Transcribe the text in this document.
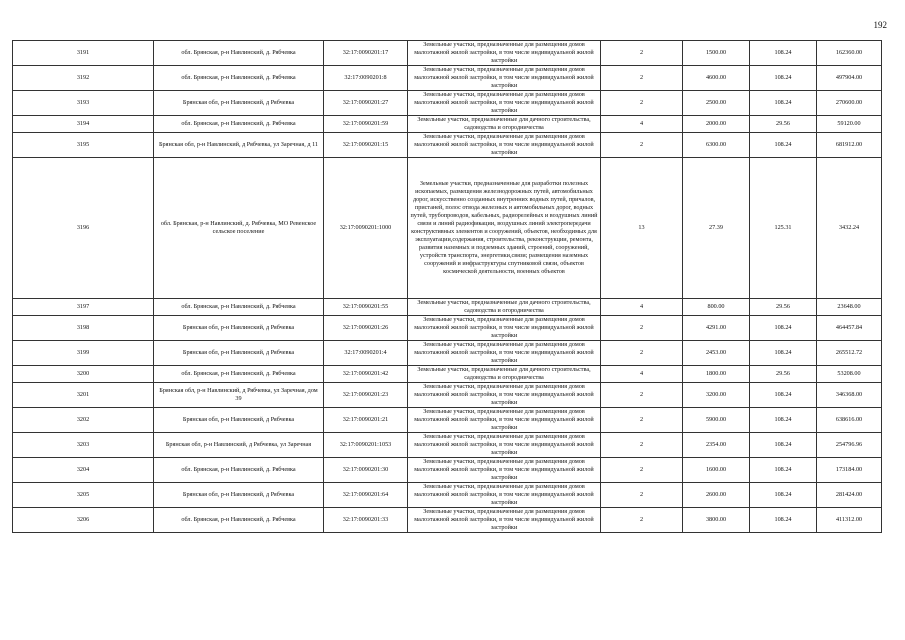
192
3191	обл. Брянская, р-н Навлинский, д. Рябчевка	32:17:0090201:17	Земельные участки, предназначенные для размещения домов малоэтажной жилой застройки, в том числе индивидуальной жилой застройки	2	1500.00	108.24	162360.00
3192	обл. Брянская, р-н Навлинский, д. Рябчевка	32:17:0090201:8	Земельные участки, предназначенные для размещения домов малоэтажной жилой застройки, в том числе индивидуальной жилой застройки	2	4600.00	108.24	497904.00
3193	Брянская обл, р-н Навлинский, д Рябчевка	32:17:0090201:27	Земельные участки, предназначенные для размещения домов малоэтажной жилой застройки, в том числе индивидуальной жилой застройки	2	2500.00	108.24	270600.00
3194	обл. Брянская, р-н Навлинский, д. Рябчевка	32:17:0090201:59	Земельные участки, предназначенные для дачного строительства, садоводства и огородничества	4	2000.00	29.56	59120.00
3195	Брянская обл, р-н Навлинский, д Рябчевка, ул Заречная, д 11	32:17:0090201:15	Земельные участки, предназначенные для размещения домов малоэтажной жилой застройки, в том числе индивидуальной жилой застройки	2	6300.00	108.24	681912.00
3196	обл. Брянская, р-н Навлинский, д. Рябчевка, МО Ревенское сельское поселение	32:17:0090201:1000	Земельные участки, предназначенные для разработки полезных ископаемых, размещения железнодорожных путей, автомобильных дорог, искусственно созданных внутренних водных путей, причалов, пристаней, полос отвода железных и автомобильных дорог, водных путей, трубопроводов, кабельных, радиорелейных и воздушных линий связи и линий радиофикации, воздушных линий электропередачи конструктивных элементов и сооружений, объектов, необходимых для эксплуатации,содержания, строительства, реконструкции, ремонта, развития наземных и подземных зданий, строений, сооружений, устройств транспорта, энергетики,связи; размещения наземных сооружений и инфраструктуры спутниковой связи, объектов космической деятельности, военных объектов	13	27.39	125.31	3432.24
3197	обл. Брянская, р-н Навлинский, д. Рябчевка	32:17:0090201:55	Земельные участки, предназначенные для дачного строительства, садоводства и огородничества	4	800.00	29.56	23648.00
3198	Брянская обл, р-н Навлинский, д Рябчевка	32:17:0090201:26	Земельные участки, предназначенные для размещения домов малоэтажной жилой застройки, в том числе индивидуальной жилой застройки	2	4291.00	108.24	464457.84
3199	Брянская обл, р-н Навлинский, д Рябчевка	32:17:0090201:4	Земельные участки, предназначенные для размещения домов малоэтажной жилой застройки, в том числе индивидуальной жилой застройки	2	2453.00	108.24	265512.72
3200	обл. Брянская, р-н Навлинский, д. Рябчевка	32:17:0090201:42	Земельные участки, предназначенные для дачного строительства, садоводства и огородничества	4	1800.00	29.56	53208.00
3201	Брянская обл, р-н Навлинский, д Рябчевка, ул Заречная, дом 39	32:17:0090201:23	Земельные участки, предназначенные для размещения домов малоэтажной жилой застройки, в том числе индивидуальной жилой застройки	2	3200.00	108.24	346368.00
3202	Брянская обл, р-н Навлинский, д Рябчевка	32:17:0090201:21	Земельные участки, предназначенные для размещения домов малоэтажной жилой застройки, в том числе индивидуальной жилой застройки	2	5900.00	108.24	638616.00
3203	Брянская обл, р-н Навлинский, д Рябчевка, ул Заречная	32:17:0090201:1053	Земельные участки, предназначенные для размещения домов малоэтажной жилой застройки, в том числе индивидуальной жилой застройки	2	2354.00	108.24	254796.96
3204	обл. Брянская, р-н Навлинский, д. Рябчевка	32:17:0090201:30	Земельные участки, предназначенные для размещения домов малоэтажной жилой застройки, в том числе индивидуальной жилой застройки	2	1600.00	108.24	173184.00
3205	Брянская обл, р-н Навлинский, д Рябчевка	32:17:0090201:64	Земельные участки, предназначенные для размещения домов малоэтажной жилой застройки, в том числе индивидуальной жилой застройки	2	2600.00	108.24	281424.00
3206	обл. Брянская, р-н Навлинский, д. Рябчевка	32:17:0090201:33	Земельные участки, предназначенные для размещения домов малоэтажной жилой застройки, в том числе индивидуальной жилой застройки	2	3800.00	108.24	411312.00
